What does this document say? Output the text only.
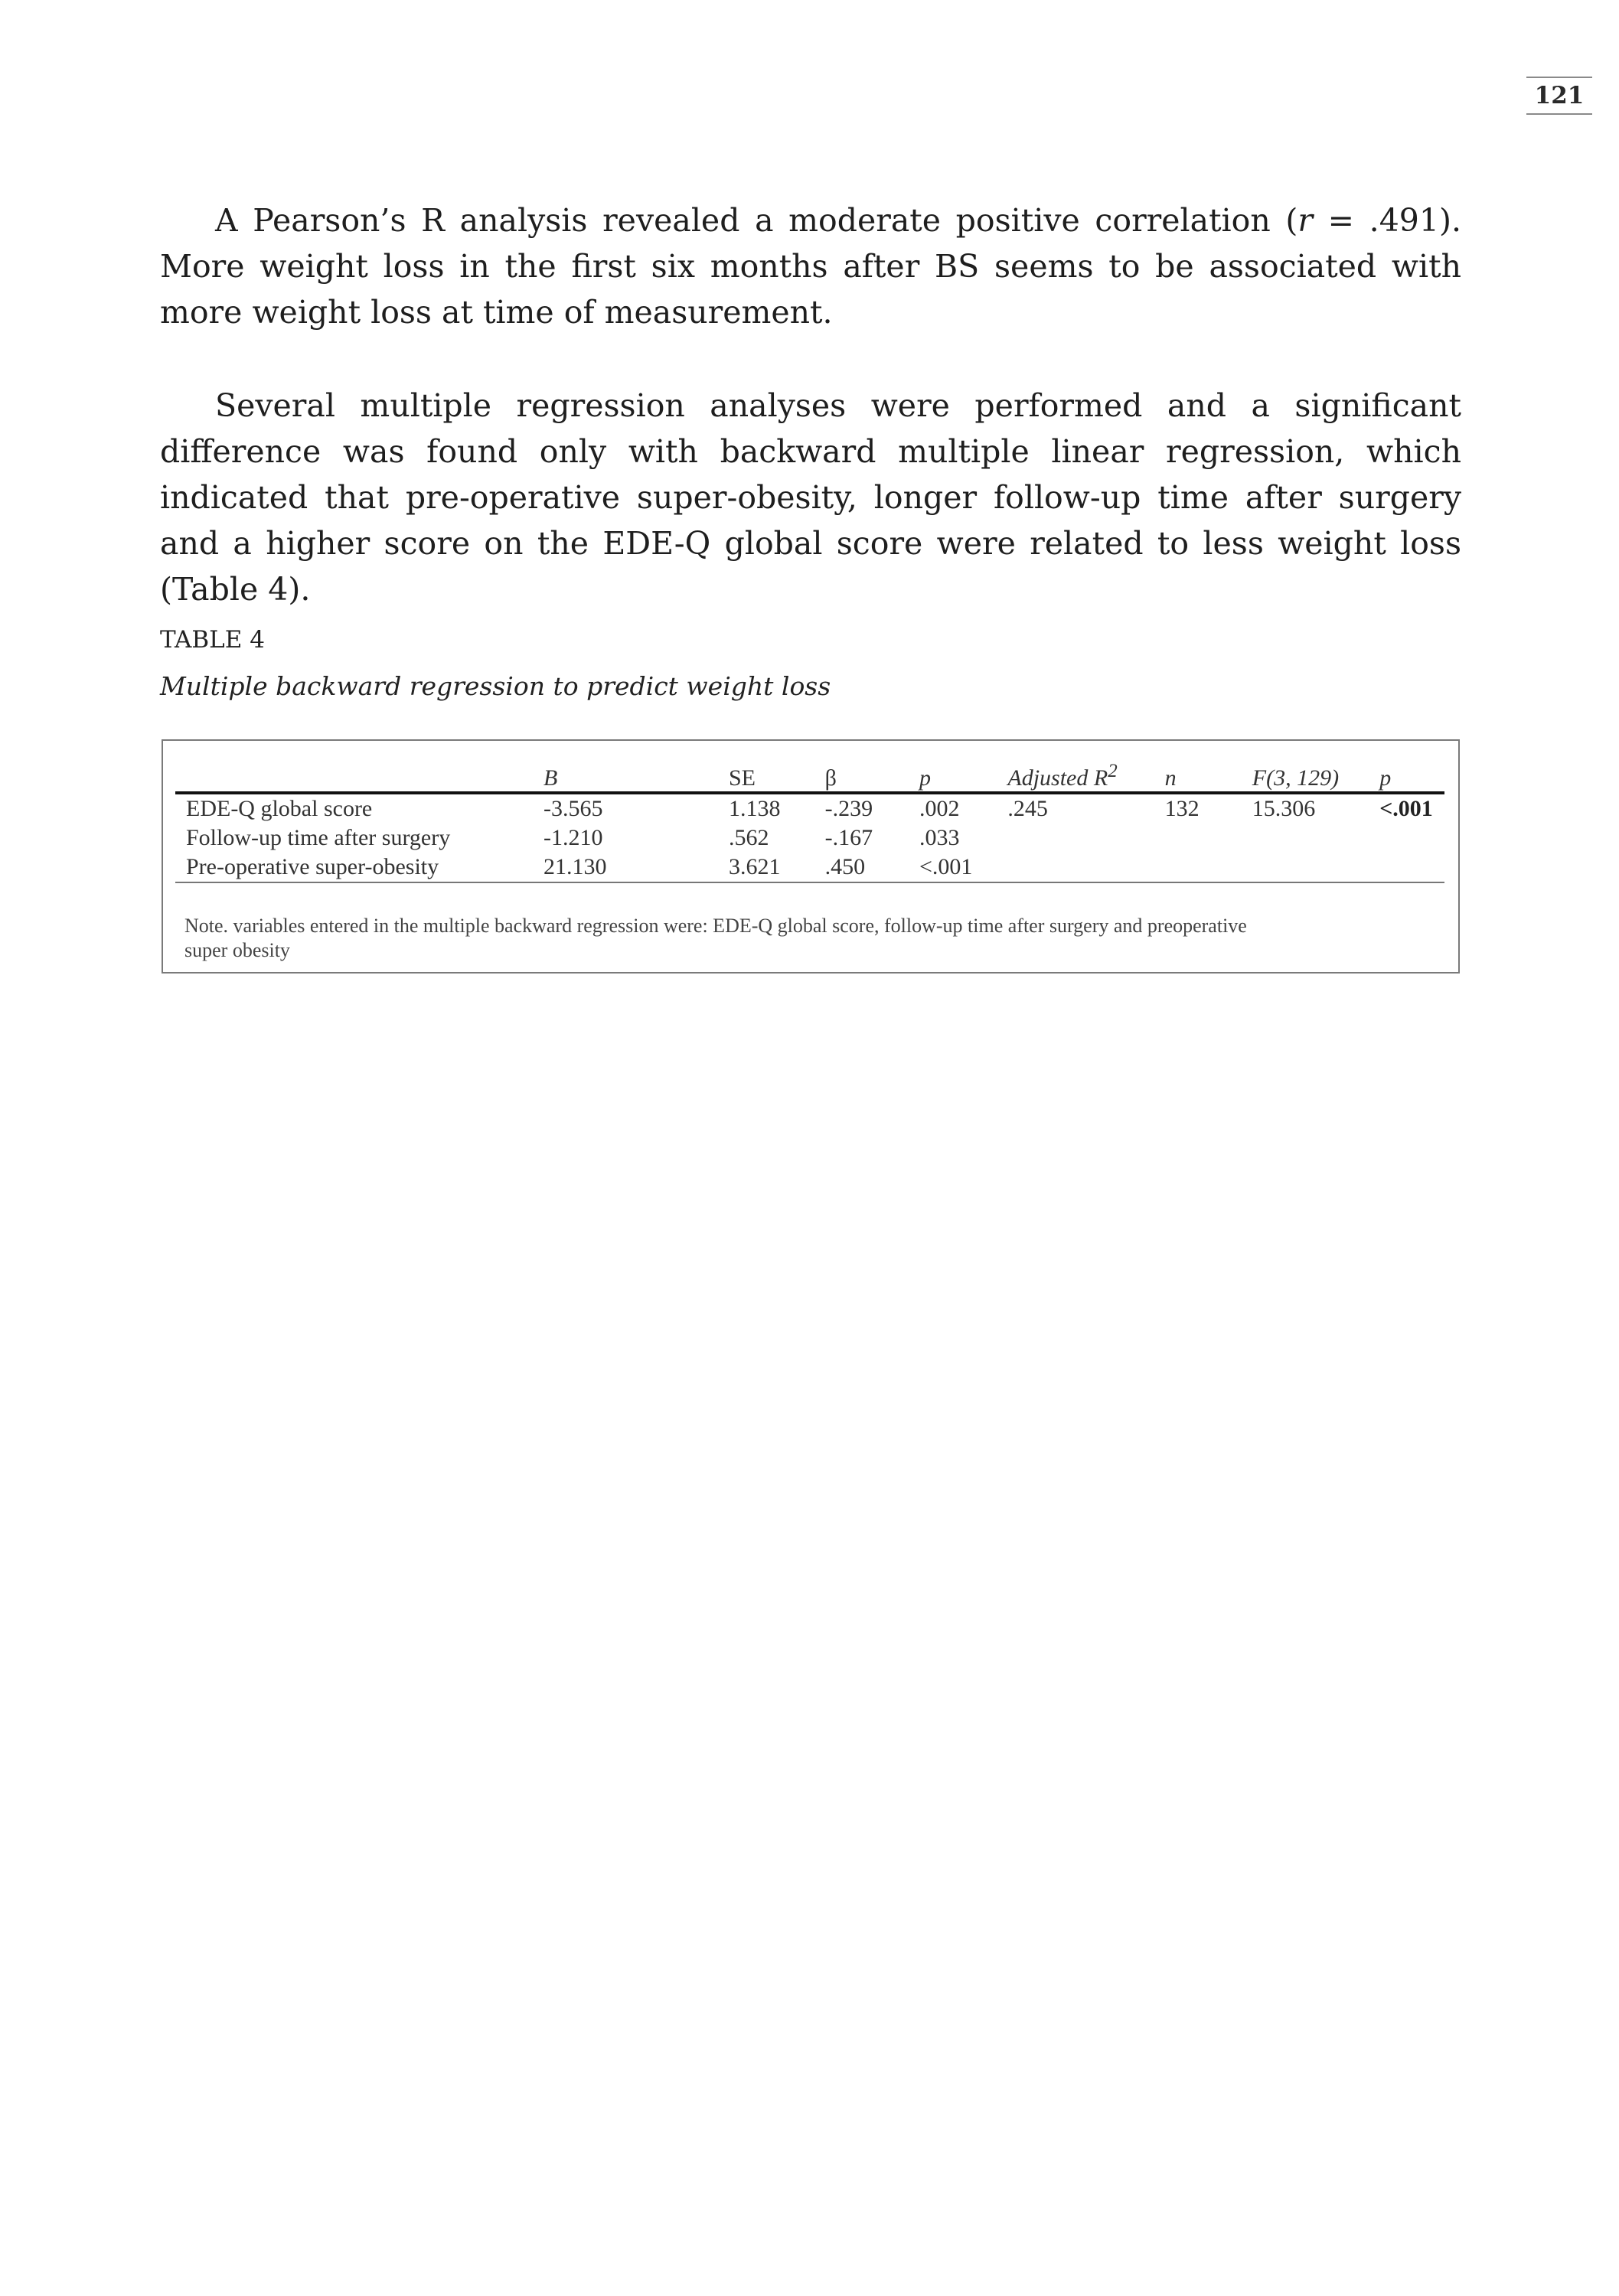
121

A Pearson’s R analysis revealed a moderate positive correlation (r = .491). More weight loss in the first six months after BS seems to be associated with more weight loss at time of measurement.

Several multiple regression analyses were performed and a significant difference was found only with backward multiple linear regression, which indicated that pre-operative super-obesity, longer follow-up time after surgery and a higher score on the EDE-Q global score were related to less weight loss (Table 4).

TABLE 4
Multiple backward regression to predict weight loss
	B	SE	β	p	Adjusted $R^2$	n	F(3, 129)	p
EDE-Q global score	-3.565	1.138	-.239	.002	.245	132	15.306	<.001
Follow-up time after surgery	-1.210	.562	-.167	.033				
Pre-operative super-obesity	21.130	3.621	.450	<.001				

Note. variables entered in the multiple backward regression were: EDE-Q global score, follow-up time after surgery and preoperative super obesity
